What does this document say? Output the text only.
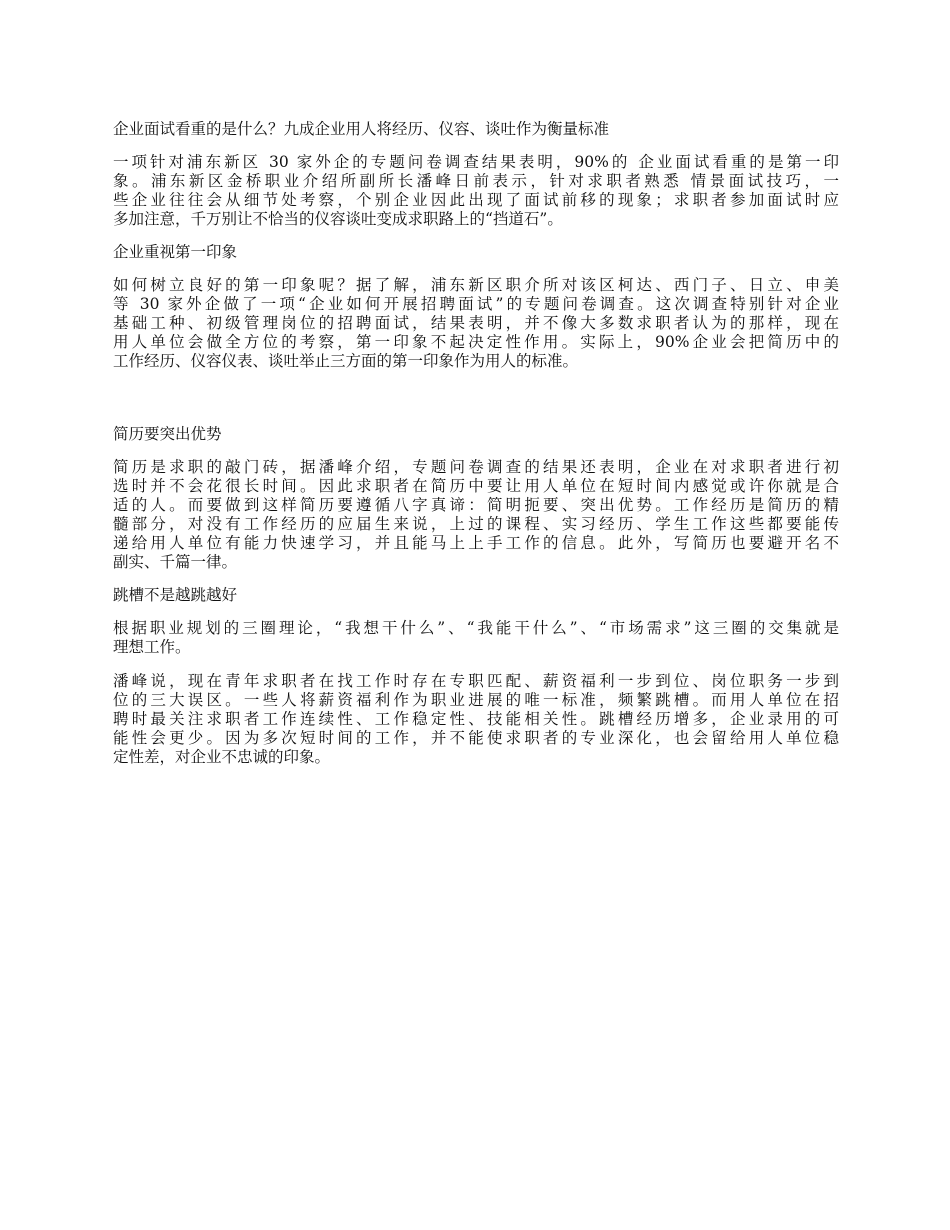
企业面试看重的是什么？九成企业用人将经历、仪容、谈吐作为衡量标准

一项针对浦东新区 30 家外企的专题问卷调查结果表明，90%的 企业面试看重的是第一印
象。浦东新区金桥职业介绍所副所长潘峰日前表示，针对求职者熟悉 情景面试技巧，一
些企业往往会从细节处考察，个别企业因此出现了面试前移的现象；求职者参加面试时应
多加注意，千万别让不恰当的仪容谈吐变成求职路上的“挡道石”。

企业重视第一印象

如何树立良好的第一印象呢？据了解，浦东新区职介所对该区柯达、西门子、日立、申美
等 30 家外企做了一项“企业如何开展招聘面试”的专题问卷调查。这次调查特别针对企业
基础工种、初级管理岗位的招聘面试，结果表明，并不像大多数求职者认为的那样，现在
用人单位会做全方位的考察，第一印象不起决定性作用。实际上，90%企业会把简历中的
工作经历、仪容仪表、谈吐举止三方面的第一印象作为用人的标准。

简历要突出优势

简历是求职的敲门砖，据潘峰介绍，专题问卷调查的结果还表明，企业在对求职者进行初
选时并不会花很长时间。因此求职者在简历中要让用人单位在短时间内感觉或许你就是合
适的人。而要做到这样简历要遵循八字真谛：简明扼要、突出优势。工作经历是简历的精
髓部分，对没有工作经历的应届生来说，上过的课程、实习经历、学生工作这些都要能传
递给用人单位有能力快速学习，并且能马上上手工作的信息。此外，写简历也要避开名不
副实、千篇一律。

跳槽不是越跳越好

根据职业规划的三圈理论，“我想干什么”、“我能干什么”、“市场需求”这三圈的交集就是
理想工作。

潘峰说，现在青年求职者在找工作时存在专职匹配、薪资福利一步到位、岗位职务一步到
位的三大误区。一些人将薪资福利作为职业进展的唯一标准，频繁跳槽。而用人单位在招
聘时最关注求职者工作连续性、工作稳定性、技能相关性。跳槽经历增多，企业录用的可
能性会更少。因为多次短时间的工作，并不能使求职者的专业深化，也会留给用人单位稳
定性差，对企业不忠诚的印象。
